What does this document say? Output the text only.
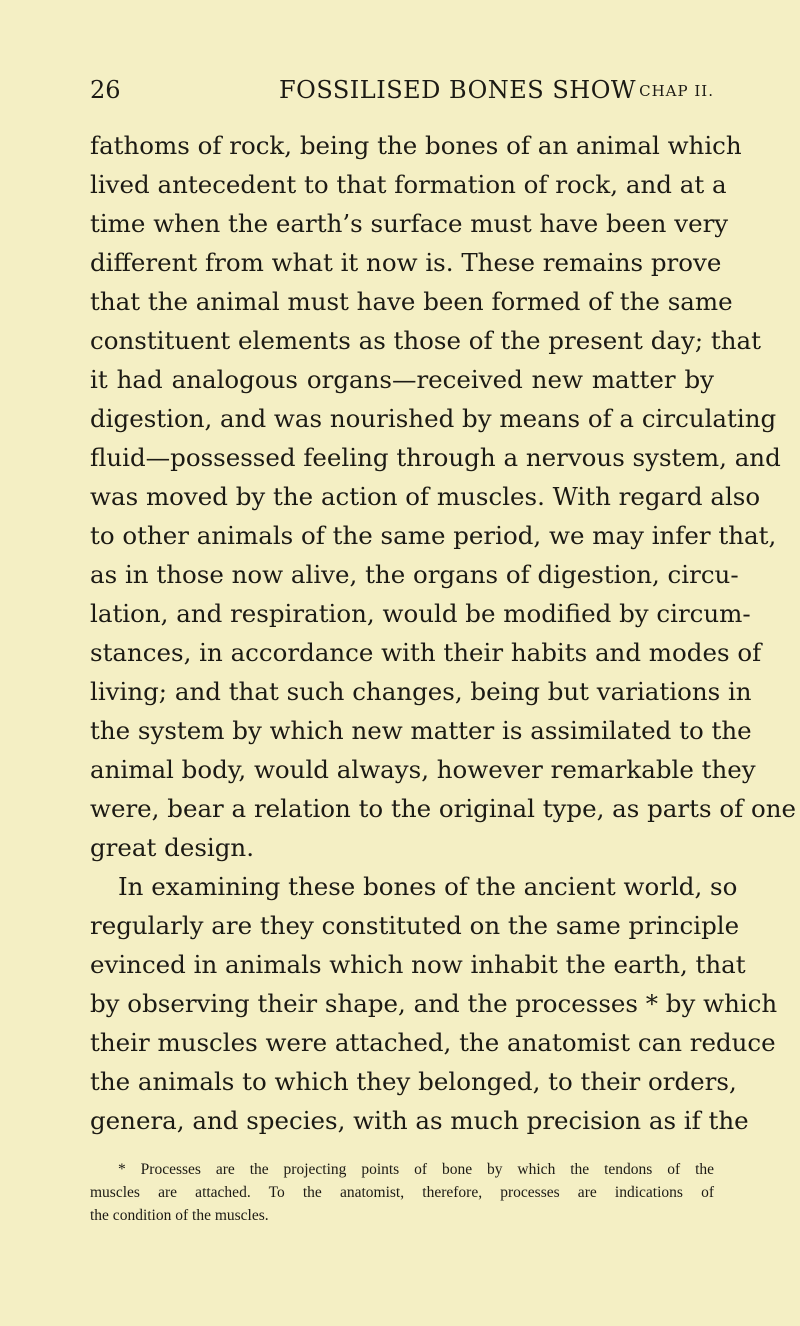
26	FOSSILISED BONES SHOW CHAP II.
fathoms of rock, being the bones of an animal which
lived antecedent to that formation of rock, and at a
time when the earth’s surface must have been very
different from what it now is. These remains prove
that the animal must have been formed of the same
constituent elements as those of the present day; that
it had analogous organs—received new matter by
digestion, and was nourished by means of a circulating
fluid—possessed feeling through a nervous system, and
was moved by the action of muscles. With regard also
to other animals of the same period, we may infer that,
as in those now alive, the organs of digestion, circu-
lation, and respiration, would be modified by circum-
stances, in accordance with their habits and modes of
living; and that such changes, being but variations in
the system by which new matter is assimilated to the
animal body, would always, however remarkable they
were, bear a relation to the original type, as parts of one
great design.
In examining these bones of the ancient world, so
regularly are they constituted on the same principle
evinced in animals which now inhabit the earth, that
by observing their shape, and the processes * by which
their muscles were attached, the anatomist can reduce
the animals to which they belonged, to their orders,
genera, and species, with as much precision as if the
* Processes are the projecting points of bone by which the tendons of the
muscles are attached. To the anatomist, therefore, processes are indications of
the condition of the muscles.
